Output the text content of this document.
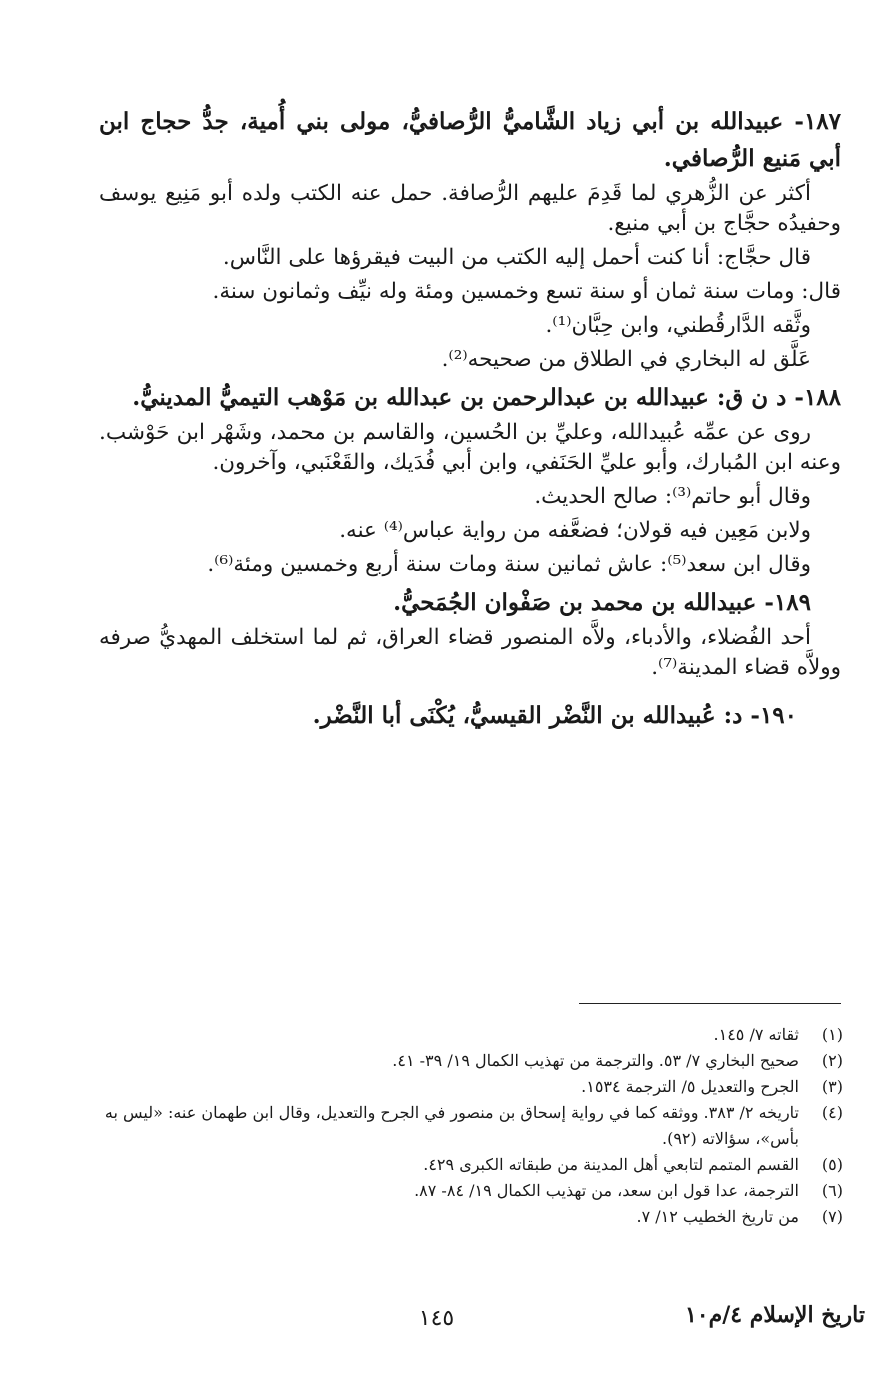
١٨٧- عبيدالله بن أبي زياد الشَّاميُّ الرُّصافيُّ، مولى بني أُمية، جدُّ حجاج ابن أبي مَنيع الرُّصافي.

أكثر عن الزُّهري لما قَدِمَ عليهم الرُّصافة. حمل عنه الكتب ولده أبو مَنِيع يوسف وحفيدُه حجَّاج بن أبي منيع.

قال حجَّاج: أنا كنت أحمل إليه الكتب من البيت فيقرؤها على النَّاس.

قال: ومات سنة ثمان أو سنة تسع وخمسين ومئة وله نيِّف وثمانون سنة.

وثَّقه الدَّارقُطني، وابن حِبَّان⁽¹⁾.

عَلَّق له البخاري في الطلاق من صحيحه⁽²⁾.

١٨٨- د ن ق: عبيدالله بن عبدالرحمن بن عبدالله بن مَوْهب التيميُّ المدينيُّ.

روى عن عمِّه عُبيدالله، وعليِّ بن الحُسين، والقاسم بن محمد، وشَهْر ابن حَوْشب. وعنه ابن المُبارك، وأبو عليِّ الحَنَفي، وابن أبي فُدَيك، والقَعْنَبي، وآخرون.

وقال أبو حاتم⁽³⁾: صالح الحديث.

ولابن مَعِين فيه قولان؛ فضعَّفه من رواية عباس⁽⁴⁾ عنه.

وقال ابن سعد⁽⁵⁾: عاش ثمانين سنة ومات سنة أربع وخمسين ومئة⁽⁶⁾.

١٨٩- عبيدالله بن محمد بن صَفْوان الجُمَحيُّ.

أحد الفُضلاء، والأدباء، ولاَّه المنصور قضاء العراق، ثم لما استخلف المهديُّ صرفه وولاَّه قضاء المدينة⁽⁷⁾.

١٩٠- د: عُبيدالله بن النَّضْر القيسيُّ، يُكْنَى أبا النَّضْر.
(١)
ثقاته ٧/ ١٤٥.
(٢)
صحيح البخاري ٧/ ٥٣. والترجمة من تهذيب الكمال ١٩/ ٣٩- ٤١.
(٣)
الجرح والتعديل ٥/ الترجمة ١٥٣٤.
(٤)
تاريخه ٢/ ٣٨٣. ووثقه كما في رواية إسحاق بن منصور في الجرح والتعديل، وقال ابن طهمان عنه: «ليس به بأس»، سؤالاته (٩٢).
(٥)
القسم المتمم لتابعي أهل المدينة من طبقاته الكبرى ٤٢٩.
(٦)
الترجمة، عدا قول ابن سعد، من تهذيب الكمال ١٩/ ٨٤- ٨٧.
(٧)
من تاريخ الخطيب ١٢/ ٧.
١٤٥	تاريخ الإسلام ٤/م١٠
